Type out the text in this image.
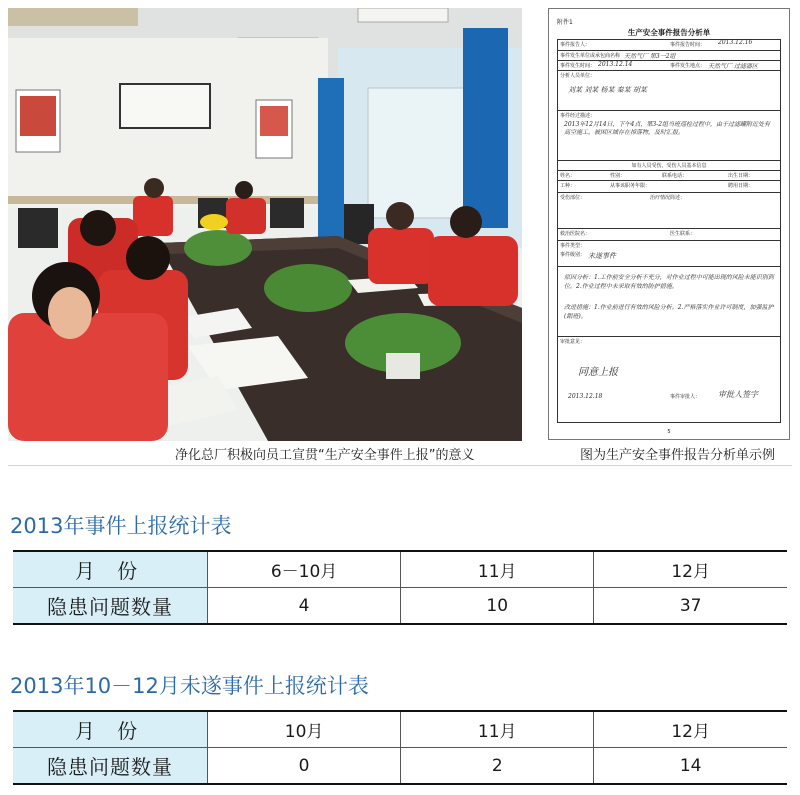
净化总厂积极向员工宣贯“生产安全事件上报”的意义
附件1
生产安全事件报告分析单
事件报告人：	事件报告时间： 2013.12.16
事件发生单位或承包商名称 天然气厂 第3一2组
事件发生时间： 2013.12.14	事件发生地点： 天然气厂 过滤器区
分析人员单位：
刘某 刘某 杨某 秦某 胡某
事件经过描述：
2013年12月14日，下午4点，第3-2组当班巡检过程中，由于过滤罐附近处有高空施工，被困区域存在掉落物，及时汇报。
如有人员受伤，受伤人员基本信息
姓名：	性别：	联系电话：	出生日期：
工种：	从事该职务年限：	聘用日期：
受伤部位：	治疗情况简述：
救治医院名：	医生联系：
事件类型：
事件级别： 未遂事件
原因分析：1.工作前安全分析不充分，对作业过程中可能出现的风险未能识别到位。2.作业过程中未采取有效的防护措施。
改进措施：1.作业前进行有效的风险分析。2.严格落实作业许可制度，加强监护(跟班)。
审批意见：
同意上报
2013.12.18	事件审批人： 审批人签字
5
图为生产安全事件报告分析单示例
2013年事件上报统计表
月 份	6－10月	11月	12月
隐患问题数量	4	10	37
2013年10－12月未遂事件上报统计表
月 份	10月	11月	12月
隐患问题数量	0	2	14
